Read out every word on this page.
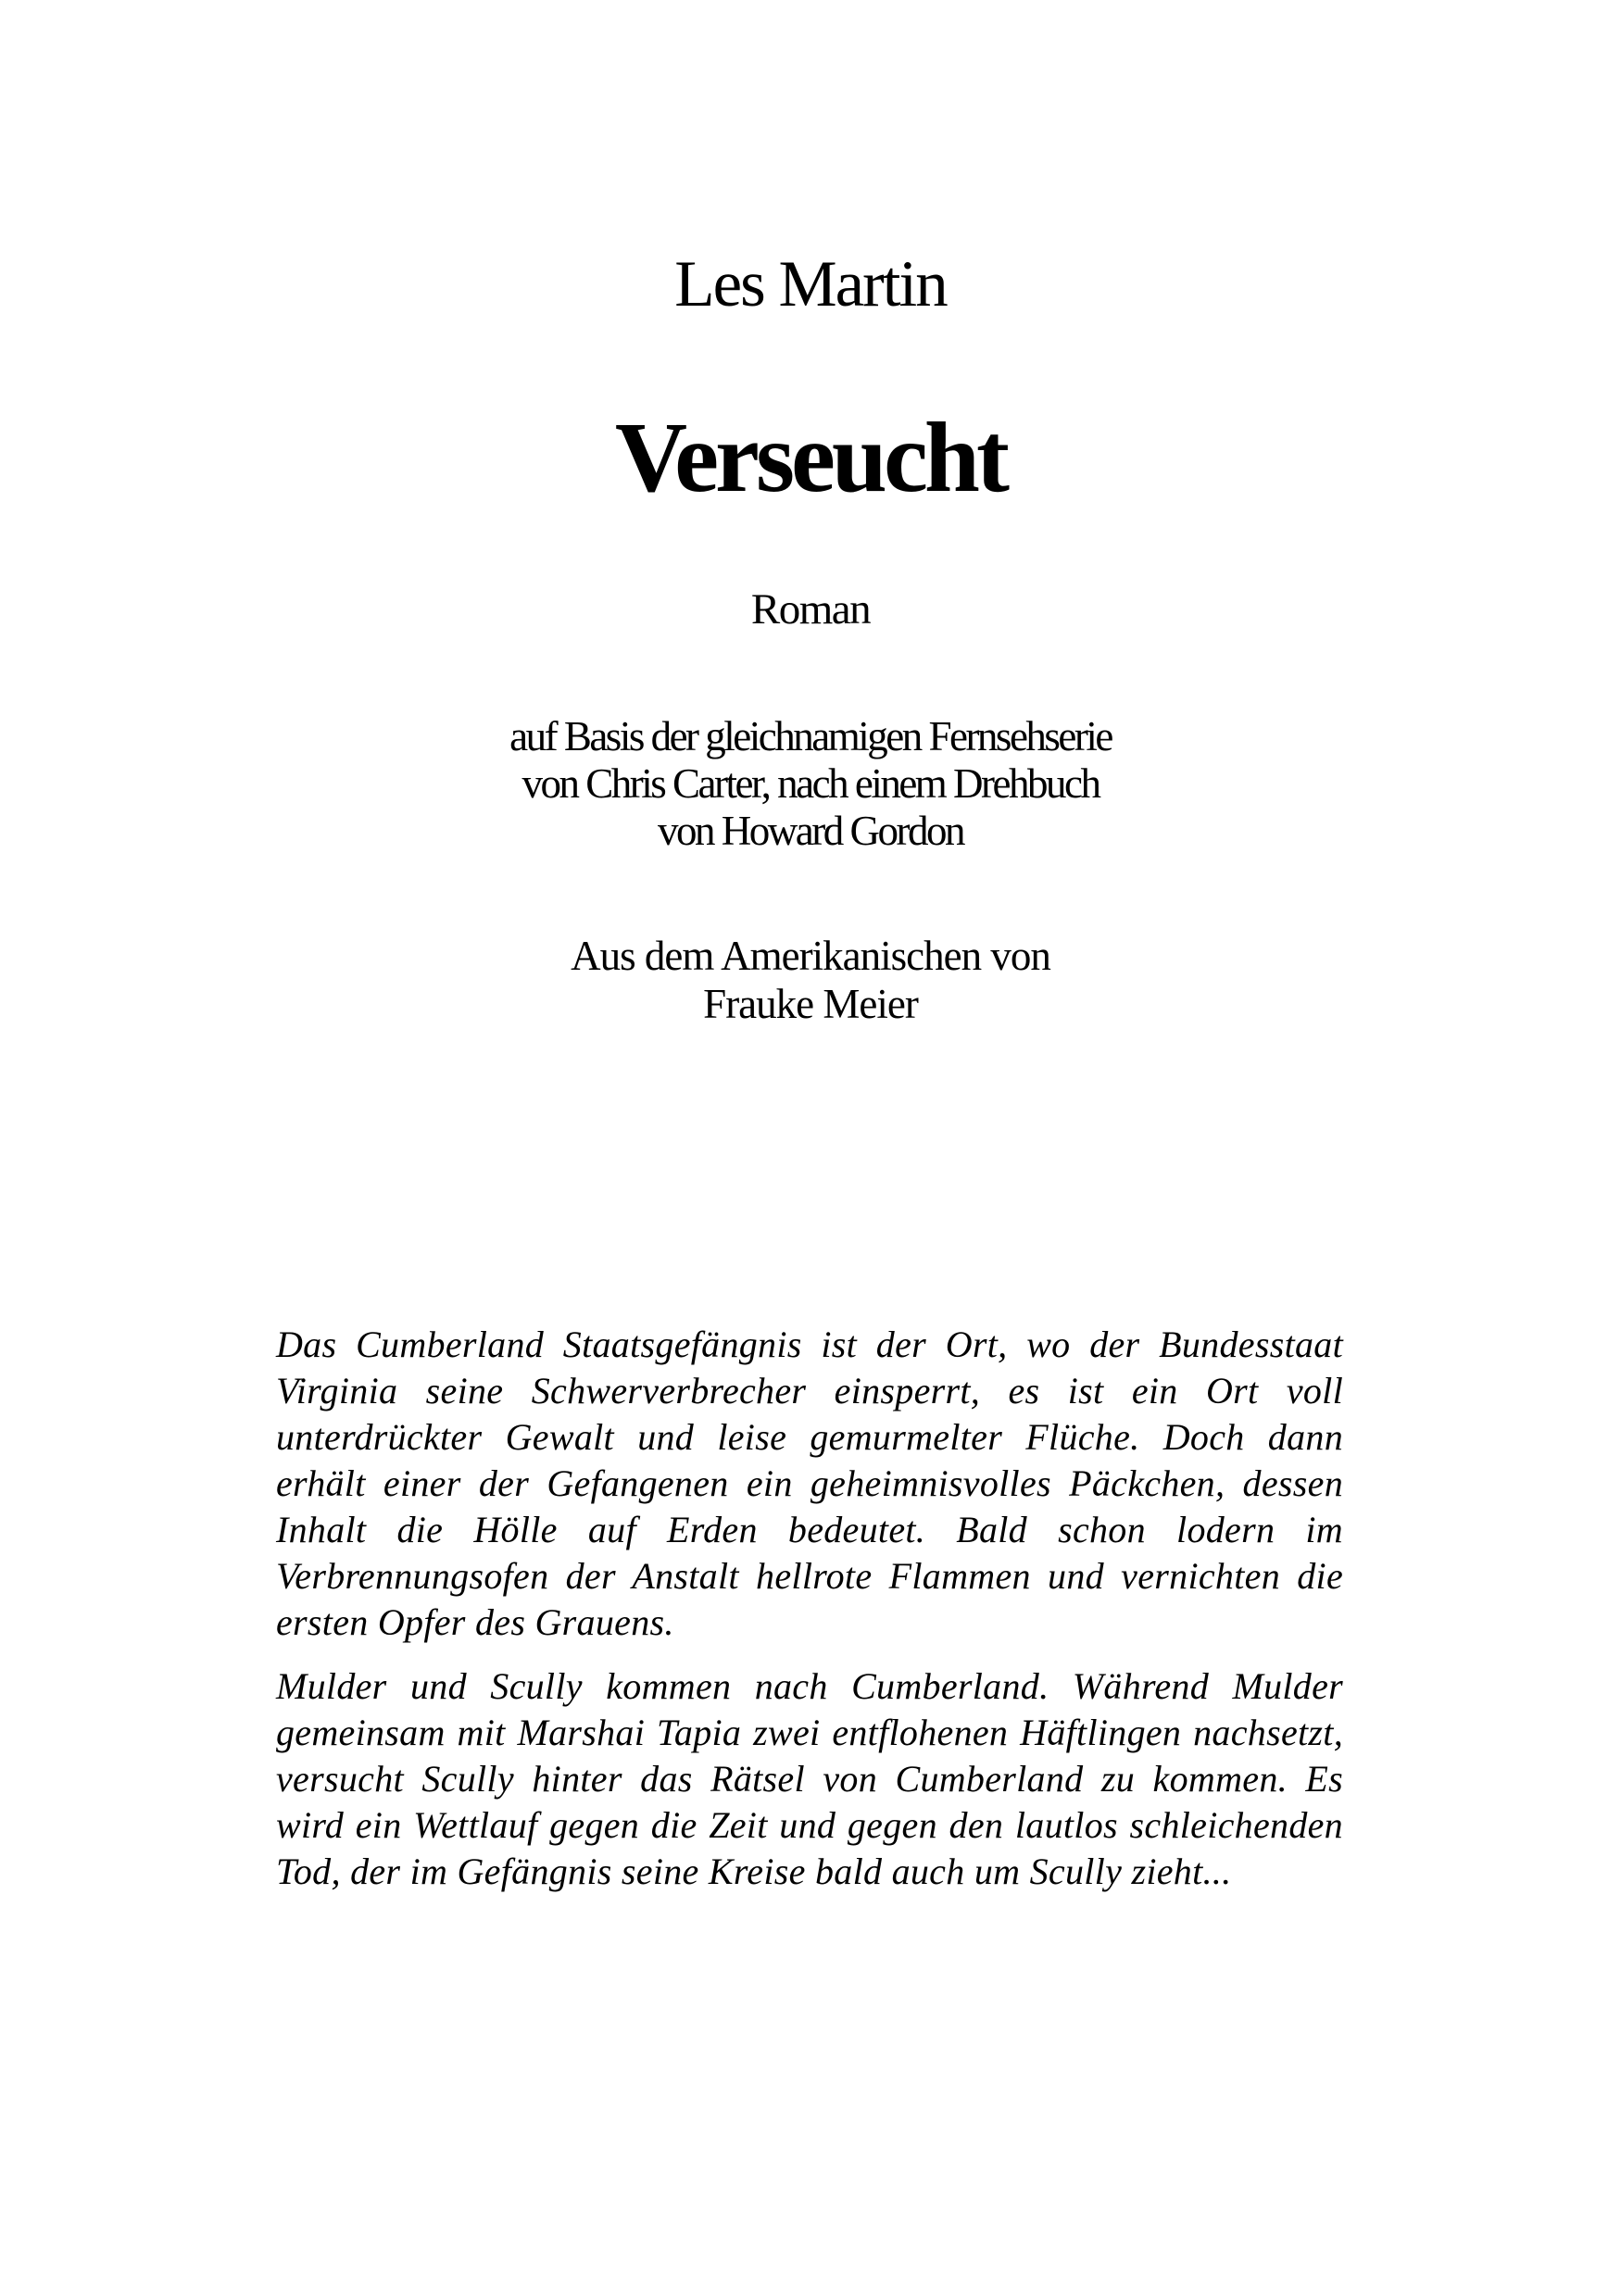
Les Martin
Verseucht
Roman
auf Basis der gleichnamigen Fernsehserie
von Chris Carter, nach einem Drehbuch
von Howard Gordon
Aus dem Amerikanischen von
Frauke Meier

Das Cumberland Staatsgefängnis ist der Ort, wo der Bundesstaat Virginia seine Schwerverbrecher einsperrt, es ist ein Ort voll unterdrückter Gewalt und leise gemurmelter Flüche. Doch dann erhält einer der Gefangenen ein geheimnisvolles Päckchen, dessen Inhalt die Hölle auf Erden bedeutet. Bald schon lodern im Verbrennungsofen der Anstalt hellrote Flammen und vernichten die ersten Opfer des Grauens.

Mulder und Scully kommen nach Cumberland. Während Mulder gemeinsam mit Marshai Tapia zwei entflohenen Häftlingen nachsetzt, versucht Scully hinter das Rätsel von Cumberland zu kommen. Es wird ein Wettlauf gegen die Zeit und gegen den lautlos schleichenden Tod, der im Gefängnis seine Kreise bald auch um Scully zieht...
